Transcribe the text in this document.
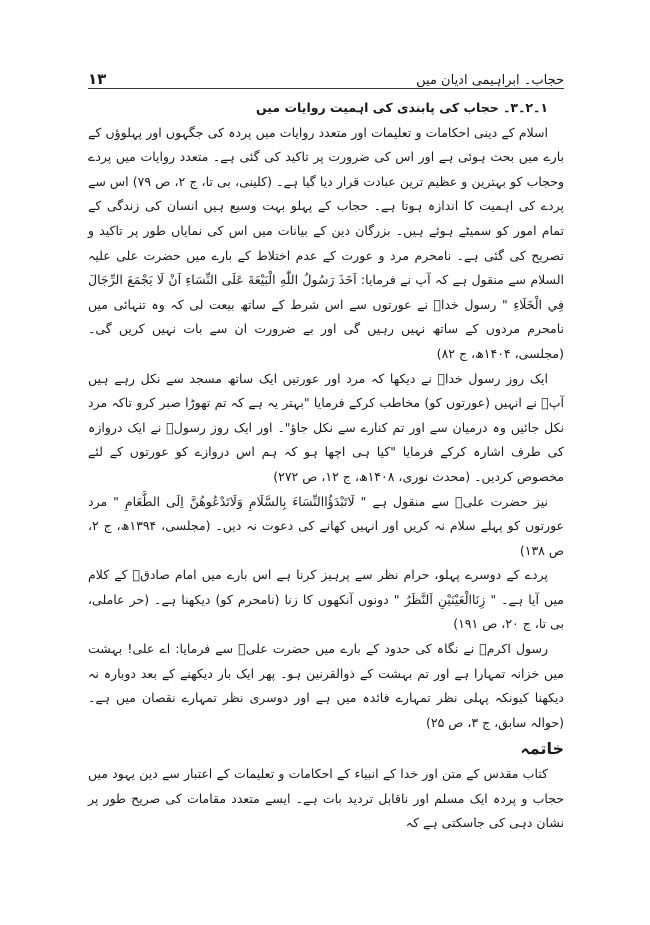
۱۳	حجاب۔ ابراہیمی ادیان میں

۱۔۲۔۳۔ حجاب کی پابندی کی اہمیت روایات میں

اسلام کے دینی احکامات و تعلیمات اور متعدد روایات میں پردہ کی جگہوں اور پہلوؤں کے بارے میں بحث ہوئی ہے اور اس کی ضرورت پر تاکید کی گئی ہے۔ متعدد روایات میں پردے وحجاب کو بہترین و عظیم ترین عبادت قرار دیا گیا ہے۔ (کلینی، بی تا، ج ۲، ص ۷۹) اس سے پردے کی اہمیت کا اندازہ ہوتا ہے۔ حجاب کے پہلو بہت وسیع ہیں انسان کی زندگی کے تمام امور کو سمیٹے ہوئے ہیں۔ بزرگان دین کے بیانات میں اس کی نمایاں طور پر تاکید و تصریح کی گئی ہے۔ نامحرم مرد و عورت کے عدم اختلاط کے بارے میں حضرت علی علیہ السلام سے منقول ہے کہ آپ نے فرمایا: اَخَذَ رَسُولُ اللّٰهِ الْبَيْعَةَ عَلَى النِّسَاءِ اَنْ لَا يَجْمَعَ الرِّجَالَ فِي الْخَلَاءِ " رسول خداؐ نے عورتوں سے اس شرط کے ساتھ بیعت لی کہ وہ تنہائی میں نامحرم مردوں کے ساتھ نہیں رہیں گی اور بے ضرورت ان سے بات نہیں کریں گی۔ (مجلسی، ۱۴۰۴ھ، ج ۸۲)

ایک روز رسول خداؐ نے دیکھا کہ مرد اور عورتیں ایک ساتھ مسجد سے نکل رہے ہیں آپؐ نے انہیں (عورتوں کو) مخاطب کرکے فرمایا "بہتر یہ ہے کہ تم تھوڑا صبر کرو تاکہ مرد نکل جائیں وہ درمیان سے اور تم کنارے سے نکل جاؤ"۔ اور ایک روز رسولؐ نے ایک دروازہ کی طرف اشارہ کرکے فرمایا "کیا ہی اچھا ہو کہ ہم اس دروازے کو عورتوں کے لئے مخصوص کردیں۔ (محدث نوری، ۱۴۰۸ھ، ج ۱۲، ص ۲۷۲)

نیز حضرت علیؑ سے منقول ہے " لَاتَبْدَؤُاالنِّسَاءَ بِالسَّلَامِ وَلَاتَدْعُوهُنَّ اِلَى الطَّعَامِ " مرد عورتوں کو پہلے سلام نہ کریں اور انہیں کھانے کی دعوت نہ دیں۔ (مجلسی، ۱۳۹۴ھ، ج ۲، ص ۱۳۸)

پردے کے دوسرے پہلو، حرام نظر سے پرہیز کرنا ہے اس بارے میں امام صادقؑ کے کلام میں آیا ہے۔ " زِنَاالْعَيْنَيْنِ اَلنَّظَرُ " دونوں آنکھوں کا زنا (نامحرم کو) دیکھنا ہے۔ (حر عاملی، بی تا، ج ۲۰، ص ۱۹۱)

رسول اکرمؐ نے نگاہ کی حدود کے بارے میں حضرت علیؑ سے فرمایا: اے علی! بہشت میں خزانہ تمہارا ہے اور تم بہشت کے ذوالقرنین ہو۔ پھر ایک بار دیکھنے کے بعد دوبارہ نہ دیکھنا کیونکہ پہلی نظر تمہارے فائدہ میں ہے اور دوسری نظر تمہارے نقصان میں ہے۔ (حوالہ سابق، ج ۳، ص ۲۵)

خاتمہ

کتاب مقدس کے متن اور خدا کے انبیاء کے احکامات و تعلیمات کے اعتبار سے دین یہود میں حجاب و پردہ ایک مسلم اور ناقابل تردید بات ہے۔ ایسے متعدد مقامات کی صریح طور پر نشان دہی کی جاسکتی ہے کہ
